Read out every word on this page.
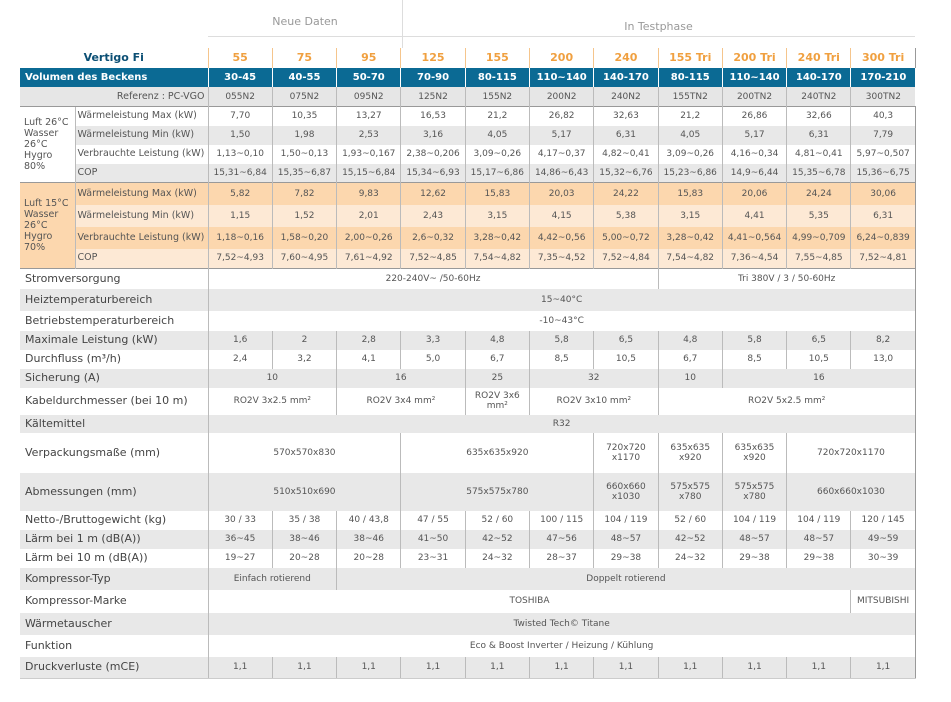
Neue Daten	In Testphase
Vertigo Fi		55	75	95	125	155	200	240	155 Tri	200 Tri	240 Tri	300 Tri
Volumen des Beckens		30-45	40-55	50-70	70-90	80-115	110~140	140-170	80-115	110~140	140-170	170-210
Referenz : PC-VGO		055N2	075N2	095N2	125N2	155N2	200N2	240N2	155TN2	200TN2	240TN2	300TN2
Luft 26°C Wasser 26°C Hygro 80%	Wärmeleistung Max (kW)	7,70	10,35	13,27	16,53	21,2	26,82	32,63	21,2	26,86	32,66	40,3
	Wärmeleistung Min (kW)	1,50	1,98	2,53	3,16	4,05	5,17	6,31	4,05	5,17	6,31	7,79
	Verbrauchte Leistung (kW)	1,13~0,10	1,50~0,13	1,93~0,167	2,38~0,206	3,09~0,26	4,17~0,37	4,82~0,41	3,09~0,26	4,16~0,34	4,81~0,41	5,97~0,507
	COP	15,31~6,84	15,35~6,87	15,15~6,84	15,34~6,93	15,17~6,86	14,86~6,43	15,32~6,76	15,23~6,86	14,9~6,44	15,35~6,78	15,36~6,75
Luft 15°C Wasser 26°C Hygro 70%	Wärmeleistung Max (kW)	5,82	7,82	9,83	12,62	15,83	20,03	24,22	15,83	20,06	24,24	30,06
	Wärmeleistung Min (kW)	1,15	1,52	2,01	2,43	3,15	4,15	5,38	3,15	4,41	5,35	6,31
	Verbrauchte Leistung (kW)	1,18~0,16	1,58~0,20	2,00~0,26	2,6~0,32	3,28~0,42	4,42~0,56	5,00~0,72	3,28~0,42	4,41~0,564	4,99~0,709	6,24~0,839
	COP	7,52~4,93	7,60~4,95	7,61~4,92	7,52~4,85	7,54~4,82	7,35~4,52	7,52~4,84	7,54~4,82	7,36~4,54	7,55~4,85	7,52~4,81
Stromversorgung		220-240V~ /50-60Hz							Tri 380V / 3 / 50-60Hz			
Heiztemperaturbereich		15~40°C										
Betriebstemperaturbereich		-10~43°C										
Maximale Leistung (kW)		1,6	2	2,8	3,3	4,8	5,8	6,5	4,8	5,8	6,5	8,2
Durchfluss (m³/h)		2,4	3,2	4,1	5,0	6,7	8,5	10,5	6,7	8,5	10,5	13,0
Sicherung (A)		10		16		25	32		10	16		
Kabeldurchmesser (bei 10 m)		RO2V 3x2.5 mm²		RO2V 3x4 mm²		RO2V 3x6 mm²	RO2V 3x10 mm²		RO2V 5x2.5 mm²			
Kältemittel		R32										
Verpackungsmaße (mm)		570x570x830			635x635x920			720x720 x1170	635x635 x920	635x635 x920	720x720x1170	
Abmessungen (mm)		510x510x690			575x575x780			660x660 x1030	575x575 x780	575x575 x780	660x660x1030	
Netto-/Bruttogewicht (kg)		30 / 33	35 / 38	40 / 43,8	47 / 55	52 / 60	100 / 115	104 / 119	52 / 60	104 / 119	104 / 119	120 / 145
Lärm bei 1 m (dB(A))		36~45	38~46	38~46	41~50	42~52	47~56	48~57	42~52	48~57	48~57	49~59
Lärm bei 10 m (dB(A))		19~27	20~28	20~28	23~31	24~32	28~37	29~38	24~32	29~38	29~38	30~39
Kompressor-Typ		Einfach rotierend		Doppelt rotierend								
Kompressor-Marke		TOSHIBA										MITSUBISHI
Wärmetauscher		Twisted Tech© Titane										
Funktion		Eco & Boost Inverter / Heizung / Kühlung										
Druckverluste (mCE)		1,1	1,1	1,1	1,1	1,1	1,1	1,1	1,1	1,1	1,1	1,1
